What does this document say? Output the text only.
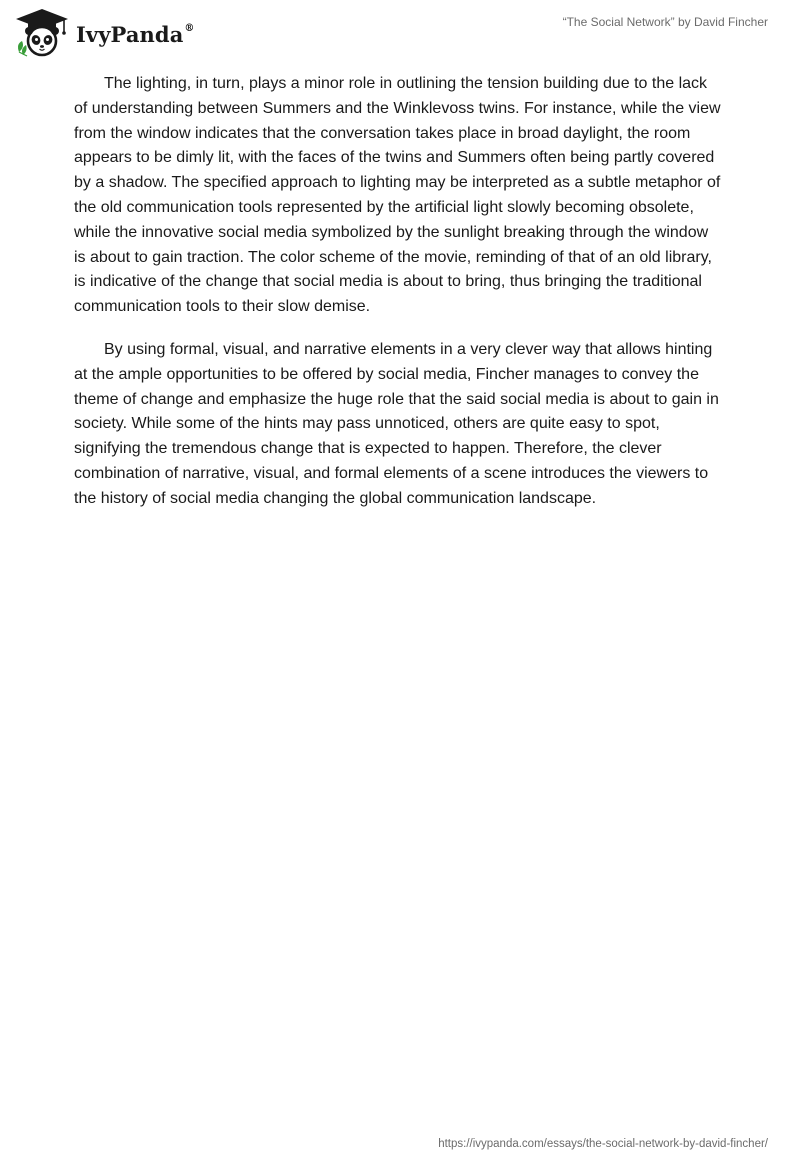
IvyPanda®	“The Social Network” by David Fincher

The lighting, in turn, plays a minor role in outlining the tension building due to the lack of understanding between Summers and the Winklevoss twins. For instance, while the view from the window indicates that the conversation takes place in broad daylight, the room appears to be dimly lit, with the faces of the twins and Summers often being partly covered by a shadow. The specified approach to lighting may be interpreted as a subtle metaphor of the old communication tools represented by the artificial light slowly becoming obsolete, while the innovative social media symbolized by the sunlight breaking through the window is about to gain traction. The color scheme of the movie, reminding of that of an old library, is indicative of the change that social media is about to bring, thus bringing the traditional communication tools to their slow demise.

By using formal, visual, and narrative elements in a very clever way that allows hinting at the ample opportunities to be offered by social media, Fincher manages to convey the theme of change and emphasize the huge role that the said social media is about to gain in society. While some of the hints may pass unnoticed, others are quite easy to spot, signifying the tremendous change that is expected to happen. Therefore, the clever combination of narrative, visual, and formal elements of a scene introduces the viewers to the history of social media changing the global communication landscape.

https://ivypanda.com/essays/the-social-network-by-david-fincher/
